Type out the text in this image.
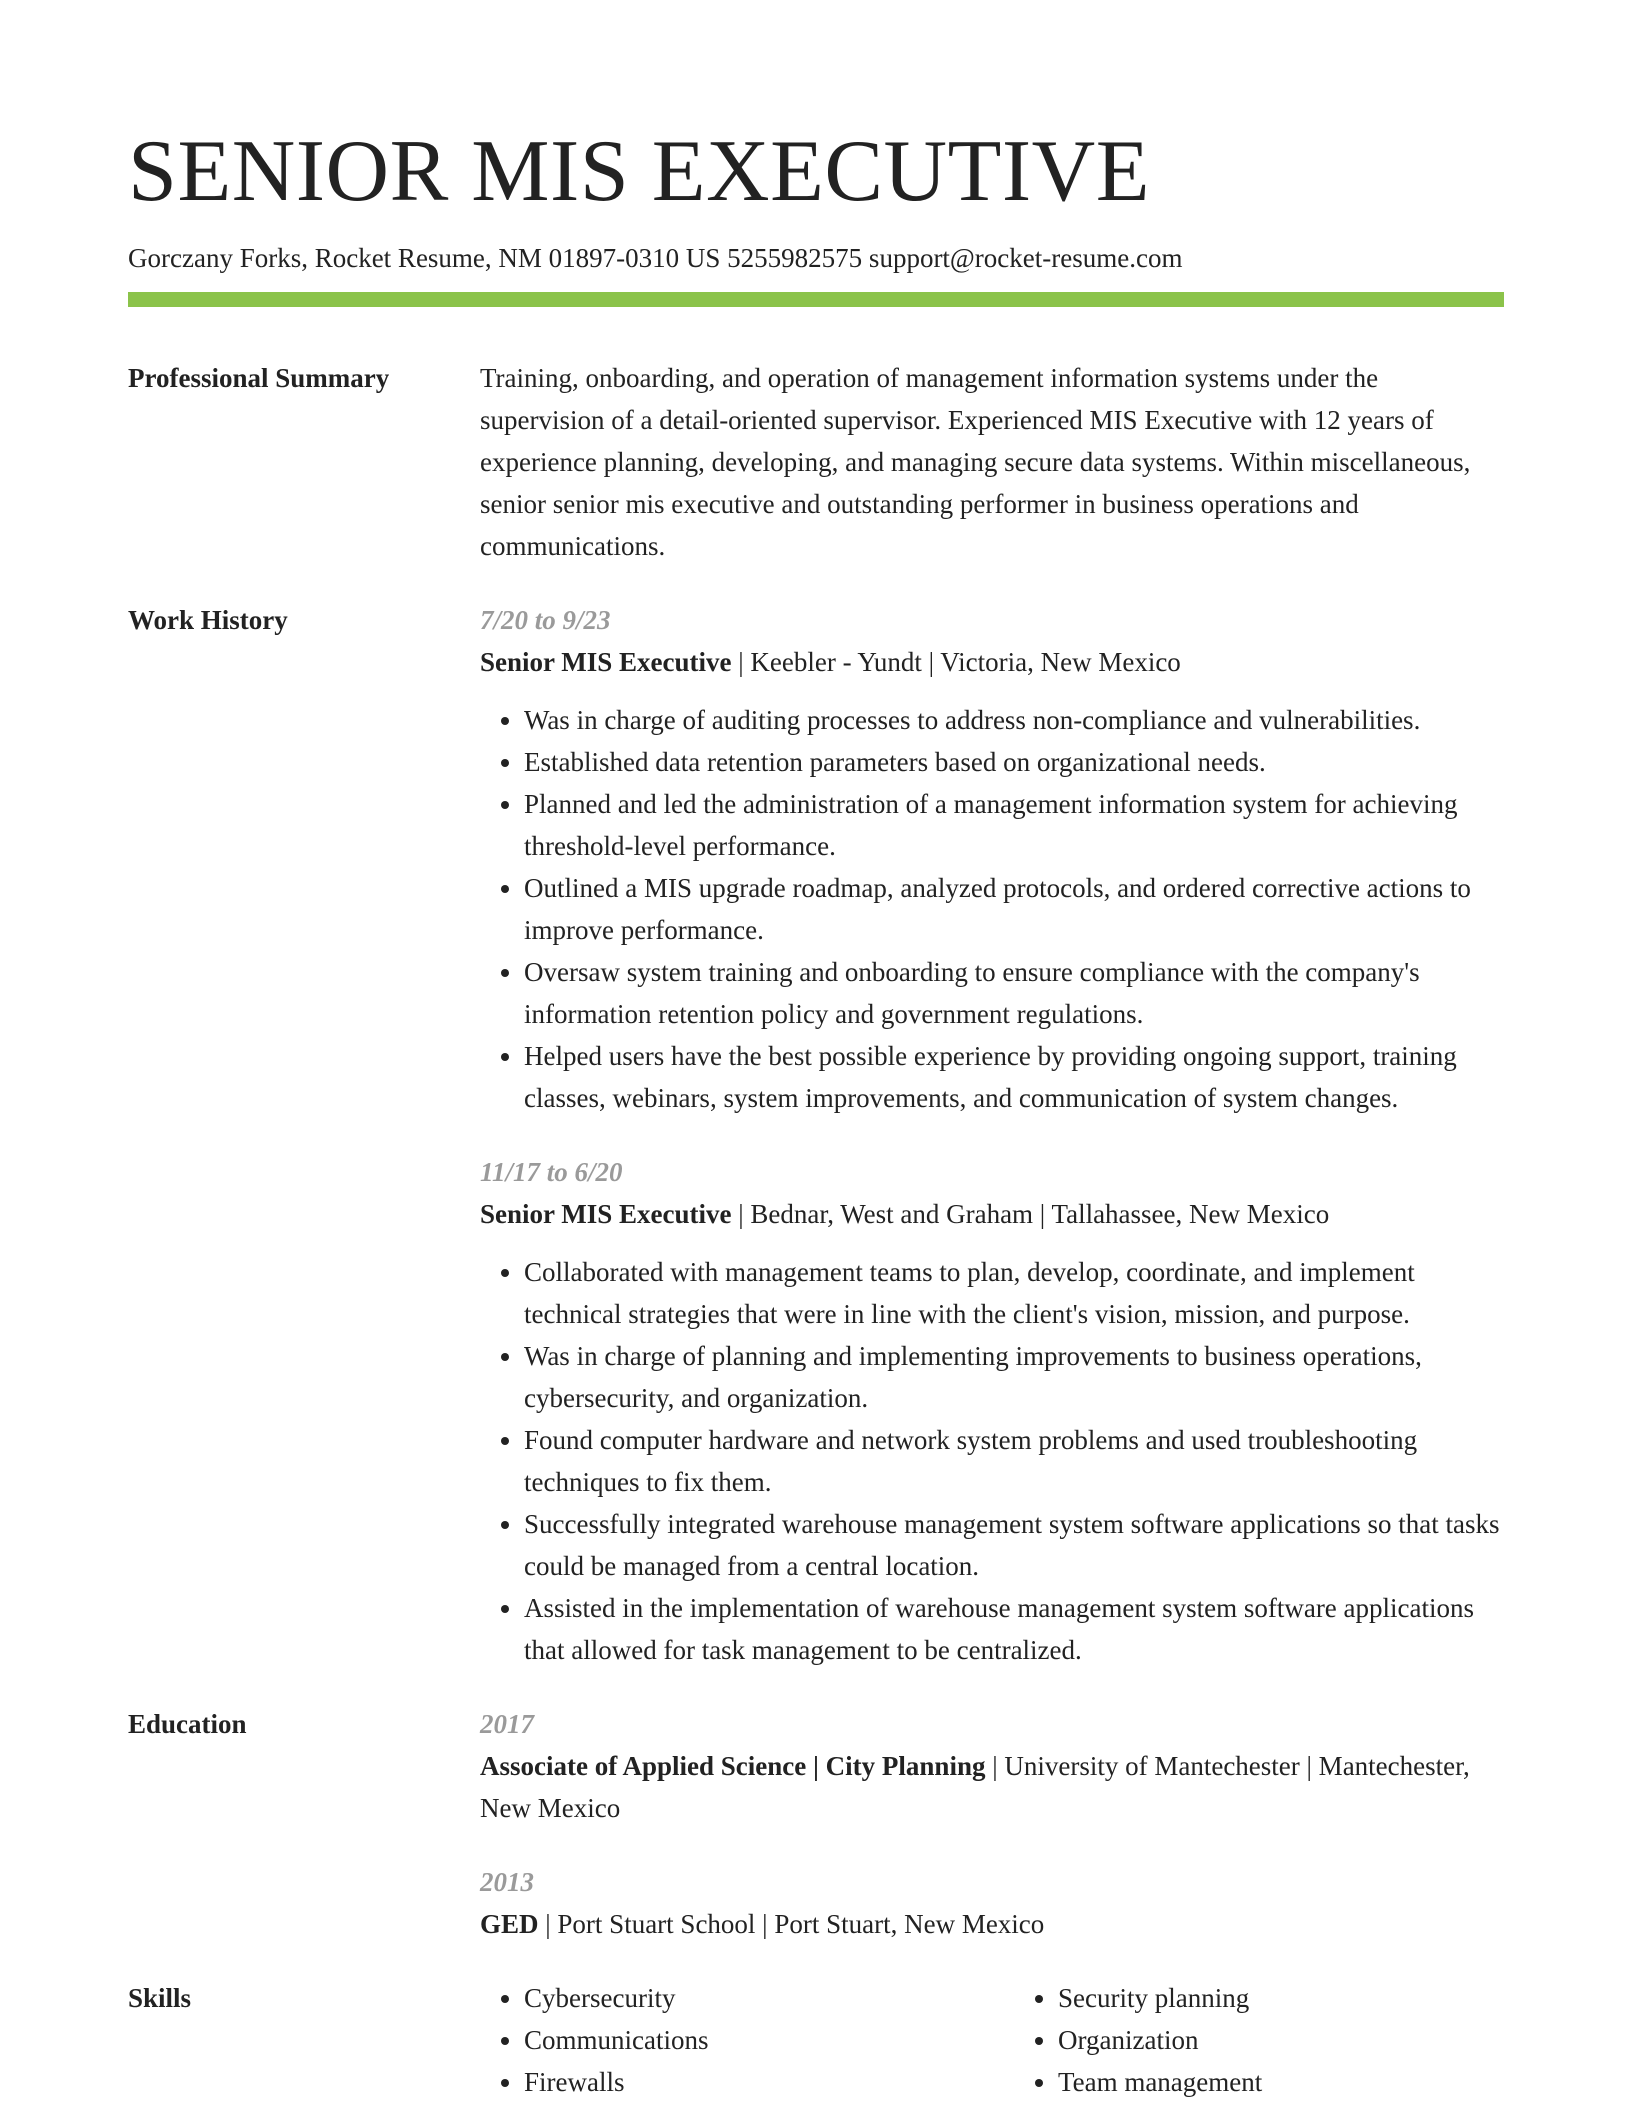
SENIOR MIS EXECUTIVE
Gorczany Forks, Rocket Resume, NM 01897-0310 US 5255982575 support@rocket-resume.com
Professional Summary	Training, onboarding, and operation of management information systems under the supervision of a detail-oriented supervisor. Experienced MIS Executive with 12 years of experience planning, developing, and managing secure data systems. Within miscellaneous, senior senior mis executive and outstanding performer in business operations and communications.

Work History	7/20 to 9/23
Senior MIS Executive | Keebler - Yundt | Victoria, New Mexico
• Was in charge of auditing processes to address non-compliance and vulnerabilities.
• Established data retention parameters based on organizational needs.
• Planned and led the administration of a management information system for achieving threshold-level performance.
• Outlined a MIS upgrade roadmap, analyzed protocols, and ordered corrective actions to improve performance.
• Oversaw system training and onboarding to ensure compliance with the company's information retention policy and government regulations.
• Helped users have the best possible experience by providing ongoing support, training classes, webinars, system improvements, and communication of system changes.
11/17 to 6/20
Senior MIS Executive | Bednar, West and Graham | Tallahassee, New Mexico
• Collaborated with management teams to plan, develop, coordinate, and implement technical strategies that were in line with the client's vision, mission, and purpose.
• Was in charge of planning and implementing improvements to business operations, cybersecurity, and organization.
• Found computer hardware and network system problems and used troubleshooting techniques to fix them.
• Successfully integrated warehouse management system software applications so that tasks could be managed from a central location.
• Assisted in the implementation of warehouse management system software applications that allowed for task management to be centralized.
Education	2017
Associate of Applied Science | City Planning | University of Mantechester | Mantechester, New Mexico
2013
GED | Port Stuart School | Port Stuart, New Mexico
Skills
•	Cybersecurity
• Communications
• Firewalls
• Security planning
• Organization
• Team management
